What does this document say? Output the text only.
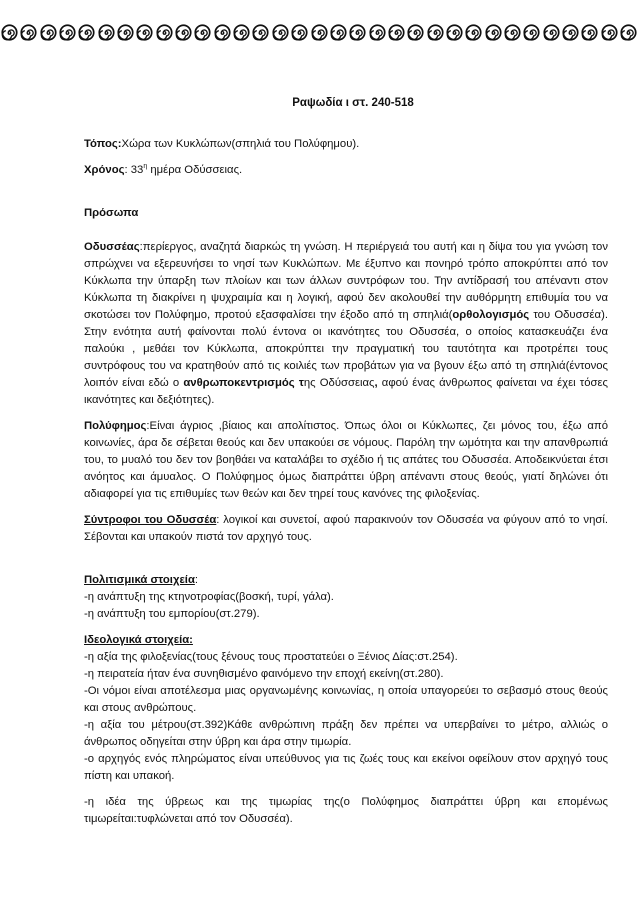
Ραψωδία ι στ. 240-518

Τόπος:Χώρα των Κυκλώπων(σπηλιά του Πολύφημου).

Χρόνος: $33^\eta$ ημέρα Οδύσσειας.

Πρόσωπα

Οδυσσέας:περίεργος, αναζητά διαρκώς τη γνώση. Η περιέργειά του αυτή και η δίψα του για γνώση τον σπρώχνει να εξερευνήσει το νησί των Κυκλώπων. Με έξυπνο και πονηρό τρόπο αποκρύπτει από τον Κύκλωπα την ύπαρξη των πλοίων και των άλλων συντρόφων του. Την αντίδρασή του απέναντι στον Κύκλωπα τη διακρίνει η ψυχραιμία και η λογική, αφού δεν ακολουθεί την αυθόρμητη επιθυμία του να σκοτώσει τον Πολύφημο, προτού εξασφαλίσει την έξοδο από τη σπηλιά(ορθολογισμός του Οδυσσέα). Στην ενότητα αυτή φαίνονται πολύ έντονα οι ικανότητες του Οδυσσέα, ο οποίος κατασκευάζει ένα παλούκι , μεθάει τον Κύκλωπα, αποκρύπτει την πραγματική του ταυτότητα και προτρέπει τους συντρόφους του να κρατηθούν από τις κοιλιές των προβάτων για να βγουν έξω από τη σπηλιά(έντονος λοιπόν είναι εδώ ο ανθρωποκεντρισμός της Οδύσσειας, αφού ένας άνθρωπος φαίνεται να έχει τόσες ικανότητες και δεξιότητες).

Πολύφημος:Είναι άγριος ,βίαιος και απολίτιστος. Όπως όλοι οι Κύκλωπες, ζει μόνος του, έξω από κοινωνίες, άρα δε σέβεται θεούς και δεν υπακούει σε νόμους. Παρόλη την ωμότητα και την απανθρωπιά του, το μυαλό του δεν τον βοηθάει να καταλάβει το σχέδιο ή τις απάτες του Οδυσσέα. Αποδεικνύεται έτσι ανόητος και άμυαλος. Ο Πολύφημος όμως διαπράττει ύβρη απέναντι στους θεούς, γιατί δηλώνει ότι αδιαφορεί για τις επιθυμίες των θεών και δεν τηρεί τους κανόνες της φιλοξενίας.

Σύντροφοι του Οδυσσέα: λογικοί και συνετοί, αφού παρακινούν τον Οδυσσέα να φύγουν από το νησί. Σέβονται και υπακούν πιστά τον αρχηγό τους.

Πολιτισμικά στοιχεία:

-η ανάπτυξη της κτηνοτροφίας(βοσκή, τυρί, γάλα).

-η ανάπτυξη του εμπορίου(στ.279).

Ιδεολογικά στοιχεία:

-η αξία της φιλοξενίας(τους ξένους τους προστατεύει ο Ξένιος Δίας:στ.254).

-η πειρατεία ήταν ένα συνηθισμένο φαινόμενο την εποχή εκείνη(στ.280).

-Οι νόμοι είναι αποτέλεσμα μιας οργανωμένης κοινωνίας, η οποία υπαγορεύει το σεβασμό στους θεούς και στους ανθρώπους.

-η αξία του μέτρου(στ.392)Κάθε ανθρώπινη πράξη δεν πρέπει να υπερβαίνει το μέτρο, αλλιώς ο άνθρωπος οδηγείται στην ύβρη και άρα στην τιμωρία.

-ο αρχηγός ενός πληρώματος είναι υπεύθυνος για τις ζωές τους και εκείνοι οφείλουν στον αρχηγό τους πίστη και υπακοή.

-η ιδέα της ύβρεως και της τιμωρίας της(ο Πολύφημος διαπράττει ύβρη και επομένως τιμωρείται:τυφλώνεται από τον Οδυσσέα).
